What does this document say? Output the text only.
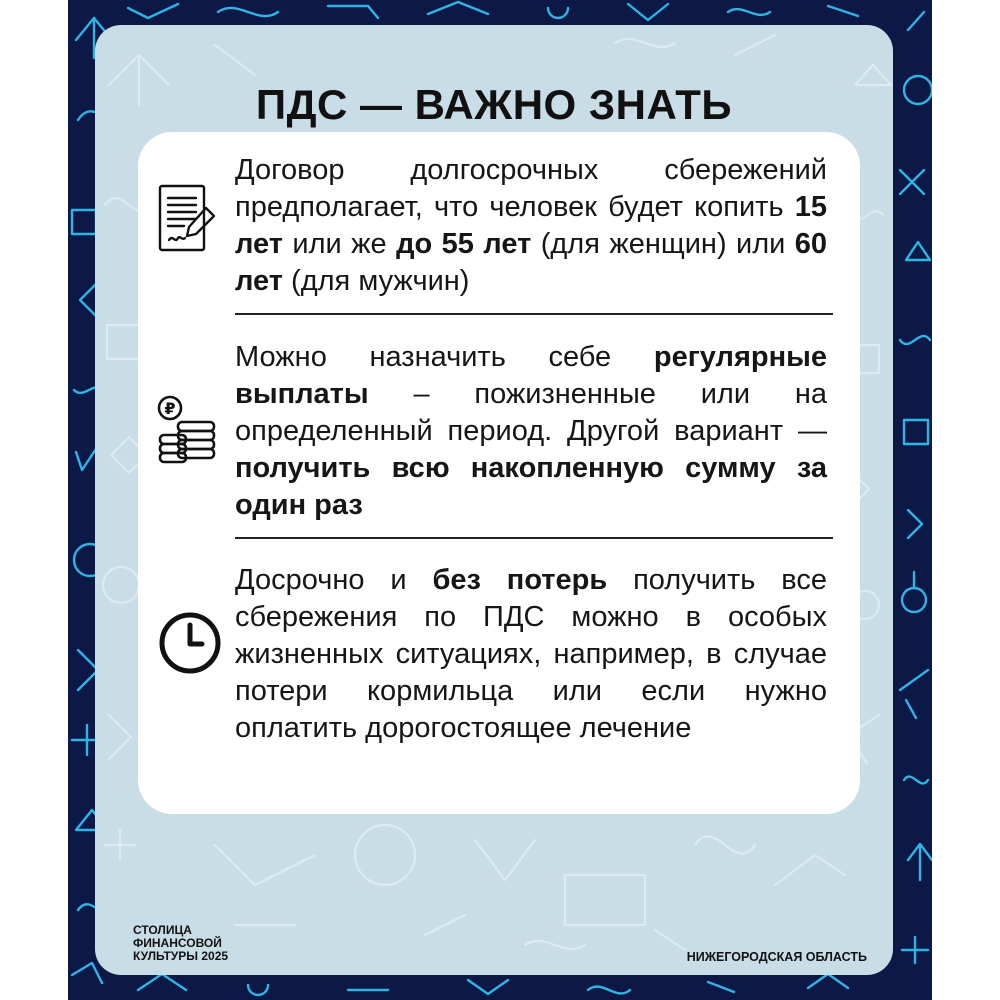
ПДС — ВАЖНО ЗНАТЬ
Договор долгосрочных сбережений предполагает, что человек будет копить 15 лет или же до 55 лет (для женщин) или 60 лет (для мужчин)
₽
Можно назначить себе регулярные выплаты – пожизненные или на определенный период. Другой вариант — получить всю накопленную сумму за один раз
Досрочно и без потерь получить все сбережения по ПДС можно в особых жизненных ситуациях, например, в случае потери кормильца или если нужно оплатить дорогостоящее лечение
СТОЛИЦА
ФИНАНСОВОЙ
КУЛЬТУРЫ 2025	НИЖЕГОРОДСКАЯ ОБЛАСТЬ
